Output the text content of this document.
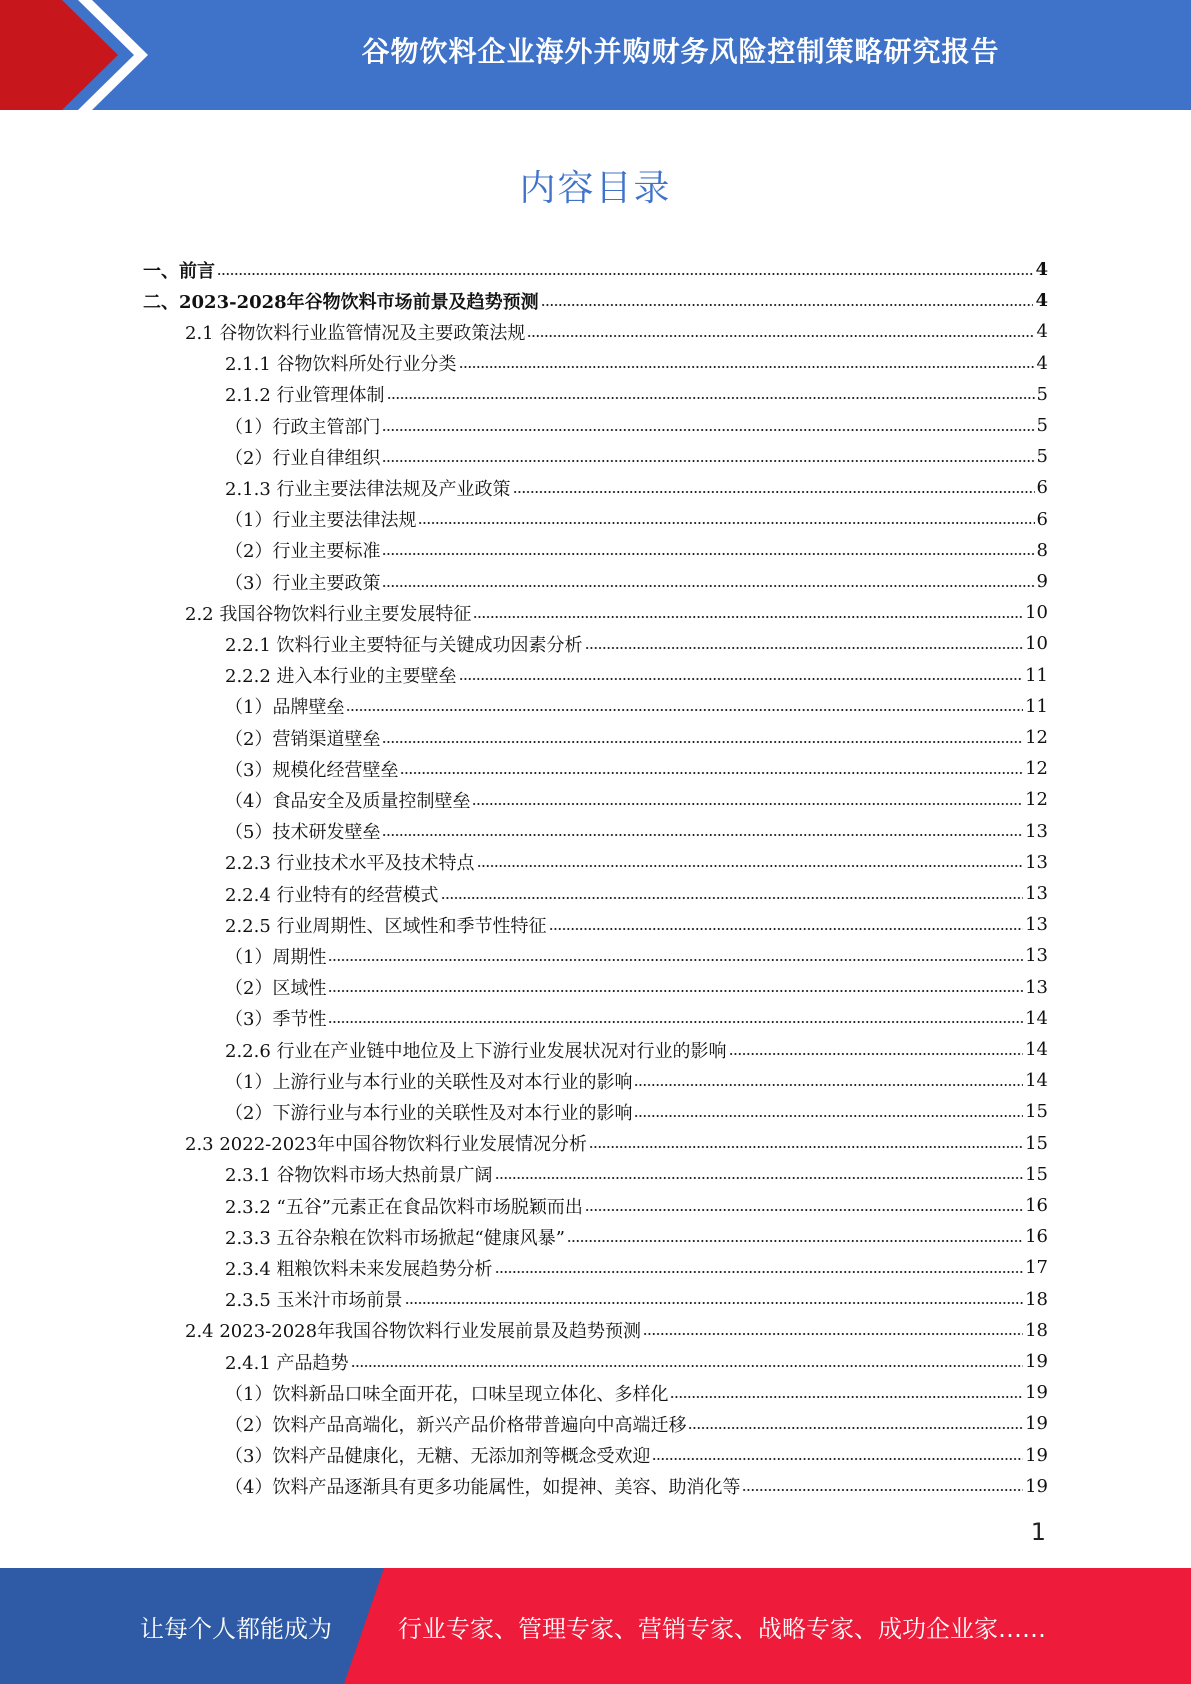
谷物饮料企业海外并购财务风险控制策略研究报告
内容目录
一、前言	4
二、2023-2028年谷物饮料市场前景及趋势预测	4
2.1 谷物饮料行业监管情况及主要政策法规	4
2.1.1 谷物饮料所处行业分类	4
2.1.2 行业管理体制	5
（1）行政主管部门	5
（2）行业自律组织	5
2.1.3 行业主要法律法规及产业政策	6
（1）行业主要法律法规	6
（2）行业主要标准	8
（3）行业主要政策	9
2.2 我国谷物饮料行业主要发展特征	10
2.2.1 饮料行业主要特征与关键成功因素分析	10
2.2.2 进入本行业的主要壁垒	11
（1）品牌壁垒	11
（2）营销渠道壁垒	12
（3）规模化经营壁垒	12
（4）食品安全及质量控制壁垒	12
（5）技术研发壁垒	13
2.2.3 行业技术水平及技术特点	13
2.2.4 行业特有的经营模式	13
2.2.5 行业周期性、区域性和季节性特征	13
（1）周期性	13
（2）区域性	13
（3）季节性	14
2.2.6 行业在产业链中地位及上下游行业发展状况对行业的影响	14
（1）上游行业与本行业的关联性及对本行业的影响	14
（2）下游行业与本行业的关联性及对本行业的影响	15
2.3 2022-2023年中国谷物饮料行业发展情况分析	15
2.3.1 谷物饮料市场大热前景广阔	15
2.3.2 “五谷”元素正在食品饮料市场脱颖而出	16
2.3.3 五谷杂粮在饮料市场掀起“健康风暴”	16
2.3.4 粗粮饮料未来发展趋势分析	17
2.3.5 玉米汁市场前景	18
2.4 2023-2028年我国谷物饮料行业发展前景及趋势预测	18
2.4.1 产品趋势	19
（1）饮料新品口味全面开花，口味呈现立体化、多样化	19
（2）饮料产品高端化，新兴产品价格带普遍向中高端迁移	19
（3）饮料产品健康化，无糖、无添加剂等概念受欢迎	19
（4）饮料产品逐渐具有更多功能属性，如提神、美容、助消化等	19
1
让每个人都能成为	行业专家、管理专家、营销专家、战略专家、成功企业家……
